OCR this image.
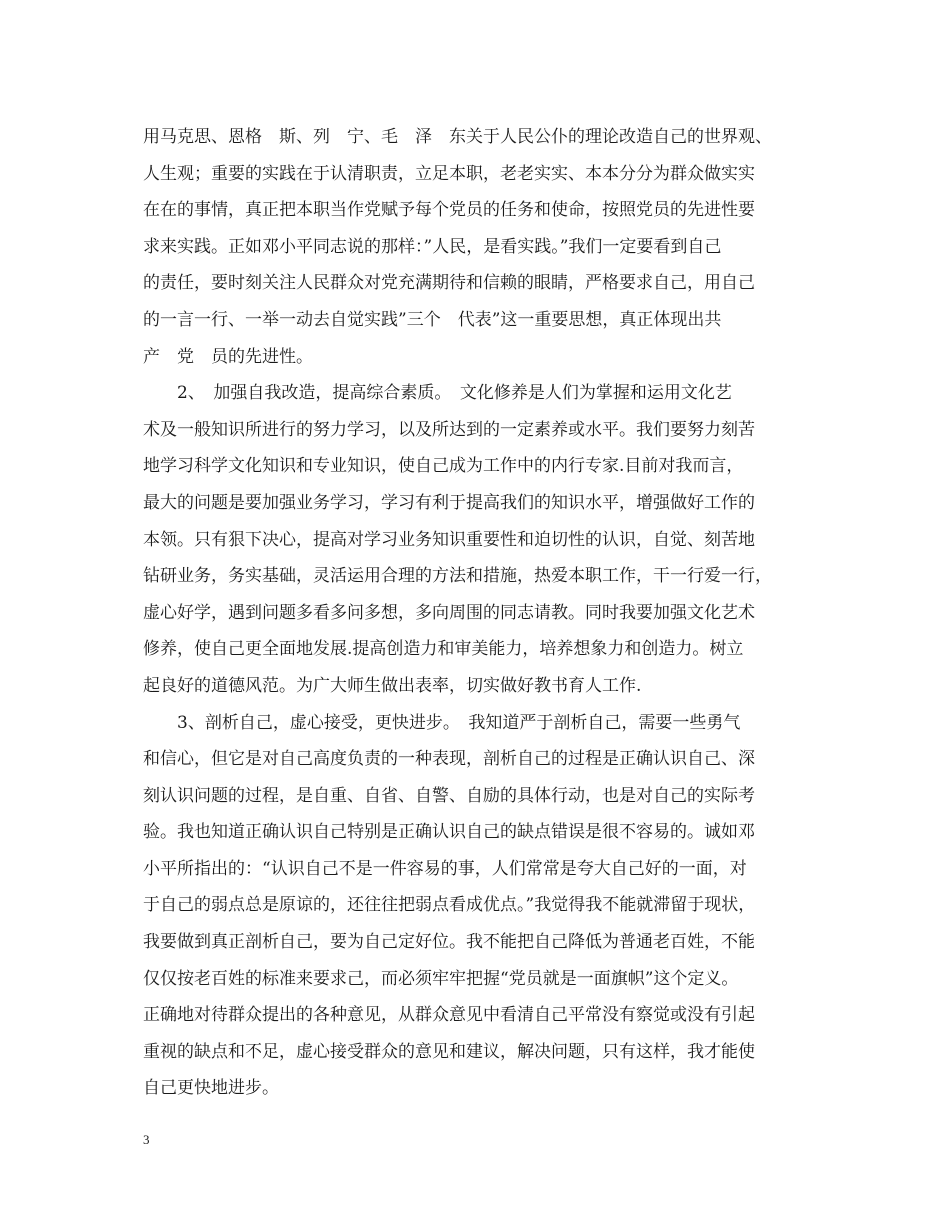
用马克思、恩格　斯、列　宁、毛　泽　东关于人民公仆的理论改造自己的世界观、
人生观；重要的实践在于认清职责，立足本职，老老实实、本本分分为群众做实实
在在的事情，真正把本职当作党赋予每个党员的任务和使命，按照党员的先进性要
求来实践。正如邓小平同志说的那样：”人民，是看实践。”我们一定要看到自己
的责任，要时刻关注人民群众对党充满期待和信赖的眼睛，严格要求自己，用自己
的一言一行、一举一动去自觉实践”三个　代表”这一重要思想，真正体现出共
产　党　员的先进性。
　　2、　加强自我改造，提高综合素质。　文化修养是人们为掌握和运用文化艺
术及一般知识所进行的努力学习，以及所达到的一定素养或水平。我们要努力刻苦
地学习科学文化知识和专业知识，使自己成为工作中的内行专家.目前对我而言，
最大的问题是要加强业务学习，学习有利于提高我们的知识水平，增强做好工作的
本领。只有狠下决心，提高对学习业务知识重要性和迫切性的认识，自觉、刻苦地
钻研业务，务实基础，灵活运用合理的方法和措施，热爱本职工作，干一行爱一行，
虚心好学，遇到问题多看多问多想，多向周围的同志请教。同时我要加强文化艺术
修养，使自己更全面地发展.提高创造力和审美能力，培养想象力和创造力。树立
起良好的道德风范。为广大师生做出表率，切实做好教书育人工作.
　　3、剖析自己，虚心接受，更快进步。　我知道严于剖析自己，需要一些勇气
和信心，但它是对自己高度负责的一种表现，剖析自己的过程是正确认识自己、深
刻认识问题的过程，是自重、自省、自警、自励的具体行动，也是对自己的实际考
验。我也知道正确认识自己特别是正确认识自己的缺点错误是很不容易的。诚如邓
小平所指出的：“认识自己不是一件容易的事，人们常常是夸大自己好的一面，对
于自己的弱点总是原谅的，还往往把弱点看成优点。”我觉得我不能就滞留于现状，
我要做到真正剖析自己，要为自己定好位。我不能把自己降低为普通老百姓，不能
仅仅按老百姓的标准来要求己，而必须牢牢把握“党员就是一面旗帜”这个定义。
正确地对待群众提出的各种意见，从群众意见中看清自己平常没有察觉或没有引起
重视的缺点和不足，虚心接受群众的意见和建议，解决问题，只有这样，我才能使
自己更快地进步。
3
